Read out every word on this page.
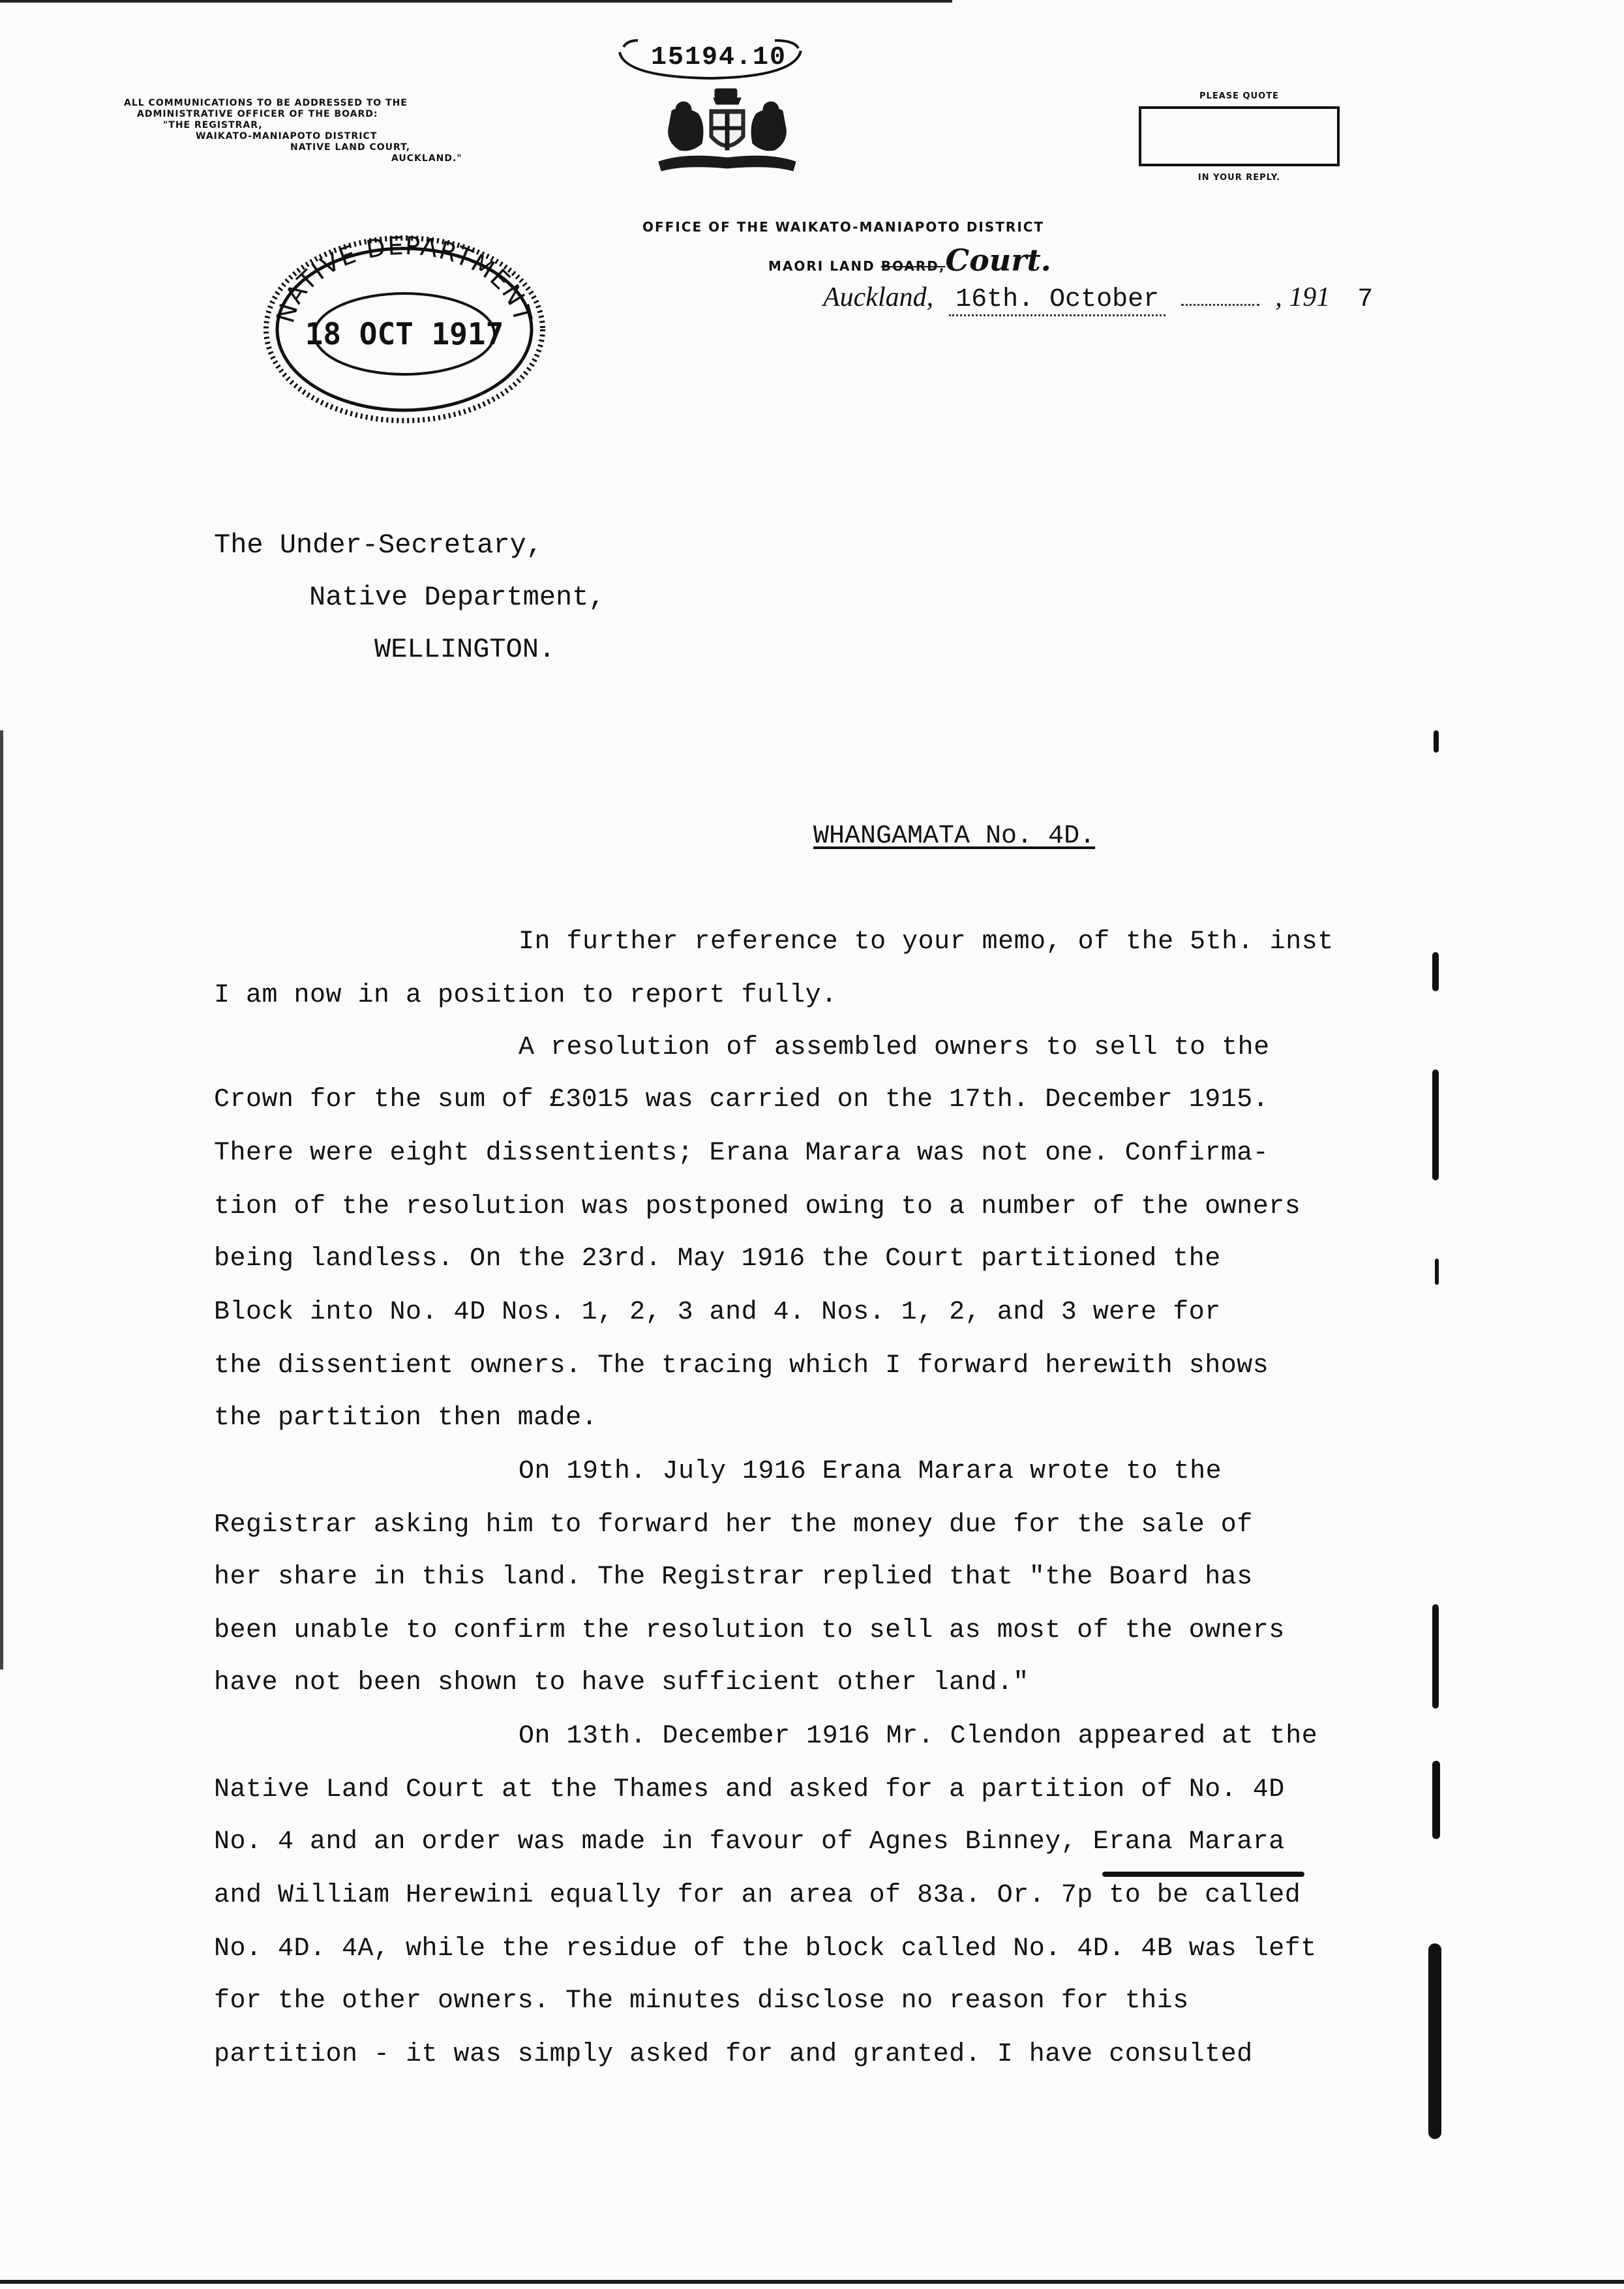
ALL COMMUNICATIONS TO BE ADDRESSED TO THE
ADMINISTRATIVE OFFICER OF THE BOARD:
"THE REGISTRAR,
WAIKATO-MANIAPOTO DISTRICT
NATIVE LAND COURT,
AUCKLAND."
15194.10
PLEASE QUOTE
IN YOUR REPLY.
OFFICE OF THE WAIKATO-MANIAPOTO DISTRICT
MAORI LAND BOARD,Court.
Auckland, 16th. October	, 191 7
NATIVE DEPARTMENT
18 OCT 1917
The Under-Secretary,
Native Department,
WELLINGTON.
WHANGAMATA No. 4D.
In further reference to your memo, of the 5th. inst
I am now in a position to report fully.
A resolution of assembled owners to sell to the
Crown for the sum of £3015 was carried on the 17th. December 1915.
There were eight dissentients; Erana Marara was not one. Confirma-
tion of the resolution was postponed owing to a number of the owners
being landless. On the 23rd. May 1916 the Court partitioned the
Block into No. 4D Nos. 1, 2, 3 and 4. Nos. 1, 2, and 3 were for
the dissentient owners. The tracing which I forward herewith shows
the partition then made.
On 19th. July 1916 Erana Marara wrote to the
Registrar asking him to forward her the money due for the sale of
her share in this land. The Registrar replied that "the Board has
been unable to confirm the resolution to sell as most of the owners
have not been shown to have sufficient other land."
On 13th. December 1916 Mr. Clendon appeared at the
Native Land Court at the Thames and asked for a partition of No. 4D
No. 4 and an order was made in favour of Agnes Binney, Erana Marara
and William Herewini equally for an area of 83a. Or. 7p to be called
No. 4D. 4A, while the residue of the block called No. 4D. 4B was left
for the other owners. The minutes disclose no reason for this
partition - it was simply asked for and granted. I have consulted
